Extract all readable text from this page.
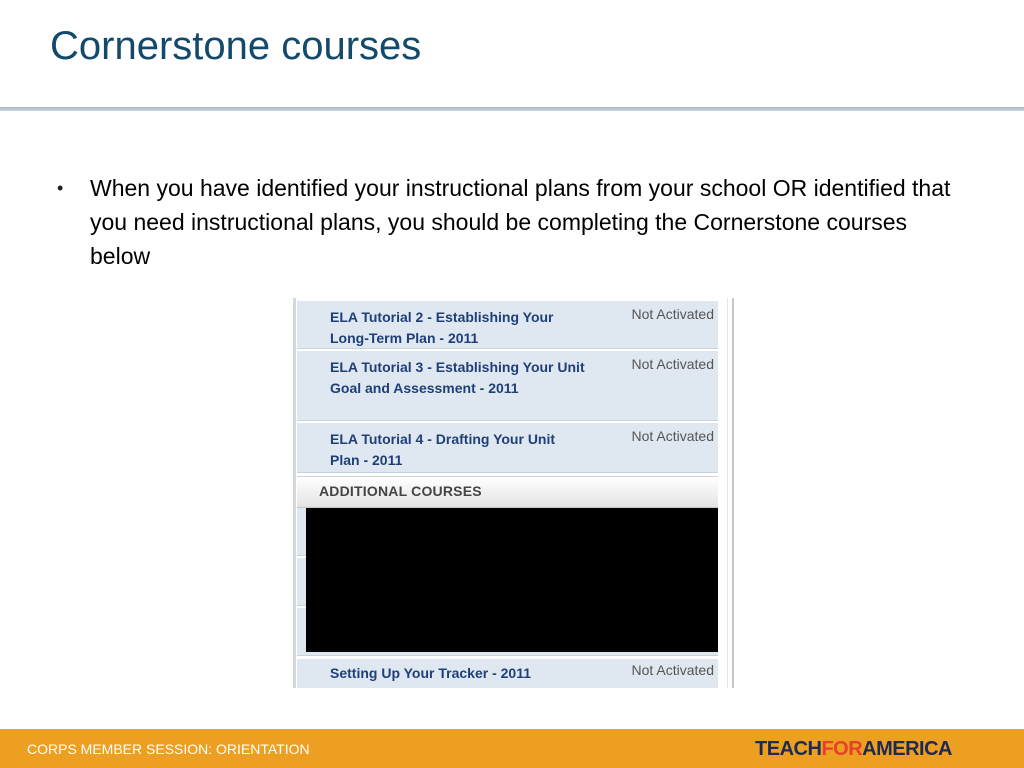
Cornerstone courses
• When you have identified your instructional plans from your school OR identified that you need instructional plans, you should be completing the Cornerstone courses below
ELA Tutorial 2 - Establishing Your Long-Term Plan - 2011
Not Activated
ELA Tutorial 3 - Establishing Your Unit Goal and Assessment - 2011
Not Activated
ELA Tutorial 4 - Drafting Your Unit Plan - 2011
Not Activated
ADDITIONAL COURSES
Setting Up Your Tracker - 2011	Not Activated
CORPS MEMBER SESSION: ORIENTATION	TEACHFORAMERICA
